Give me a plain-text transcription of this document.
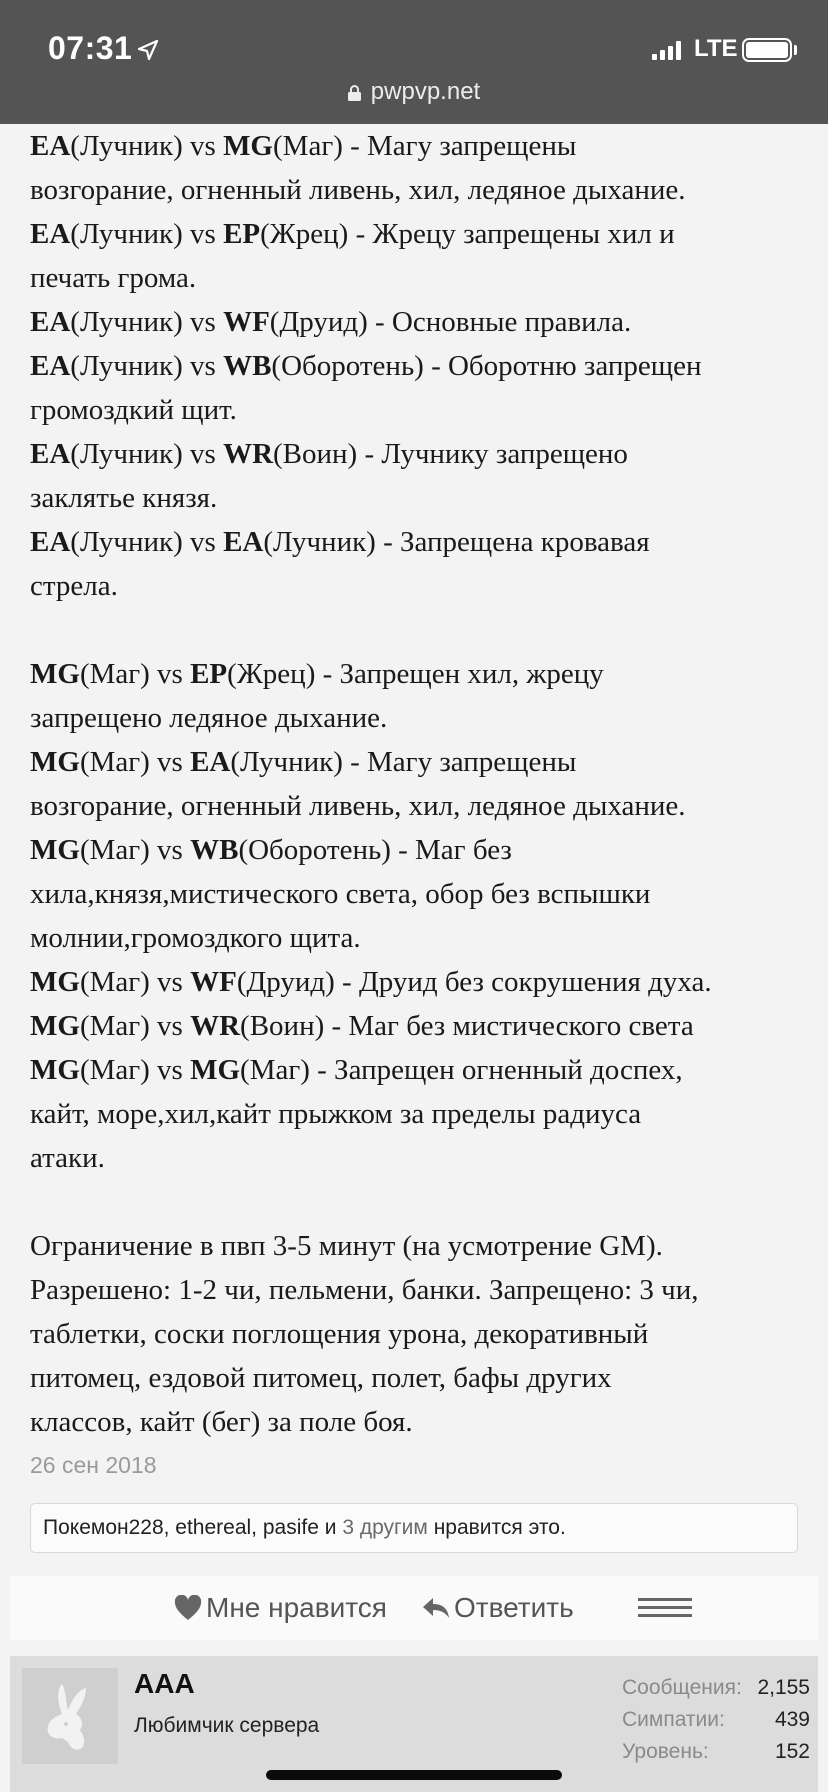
07:31	LTE
pwpvp.net

EA(Лучник) vs MG(Маг) - Магу запрещены

возгорание, огненный ливень, хил, ледяное дыхание.

EA(Лучник) vs EP(Жрец) - Жрецу запрещены хил и

печать грома.

EA(Лучник) vs WF(Друид) - Основные правила.

EA(Лучник) vs WB(Оборотень) - Оборотню запрещен

громоздкий щит.

EA(Лучник) vs WR(Воин) - Лучнику запрещено

заклятье князя.

EA(Лучник) vs EA(Лучник) - Запрещена кровавая

стрела.

MG(Маг) vs EP(Жрец) - Запрещен хил, жрецу

запрещено ледяное дыхание.

MG(Маг) vs EA(Лучник) - Магу запрещены

возгорание, огненный ливень, хил, ледяное дыхание.

MG(Маг) vs WB(Оборотень) - Маг без

хила,князя,мистического света, обор без вспышки

молнии,громоздкого щита.

MG(Маг) vs WF(Друид) - Друид без сокрушения духа.

MG(Маг) vs WR(Воин) - Маг без мистического света

MG(Маг) vs MG(Маг) - Запрещен огненный доспех,

кайт, море,хил,кайт прыжком за пределы радиуса

атаки.

Ограничение в пвп 3-5 минут (на усмотрение GM).

Разрешено: 1-2 чи, пельмени, банки. Запрещено: 3 чи,

таблетки, соски поглощения урона, декоративный

питомец, ездовой питомец, полет, бафы других

классов, кайт (бег) за поле боя.

26 сен 2018
Покемон228, ethereal, pasife и 3 другим нравится это.
Мне нравится Ответить
AAA
Любимчик сервера
Сообщения: 2,155
Симпатии: 439
Уровень:	152
